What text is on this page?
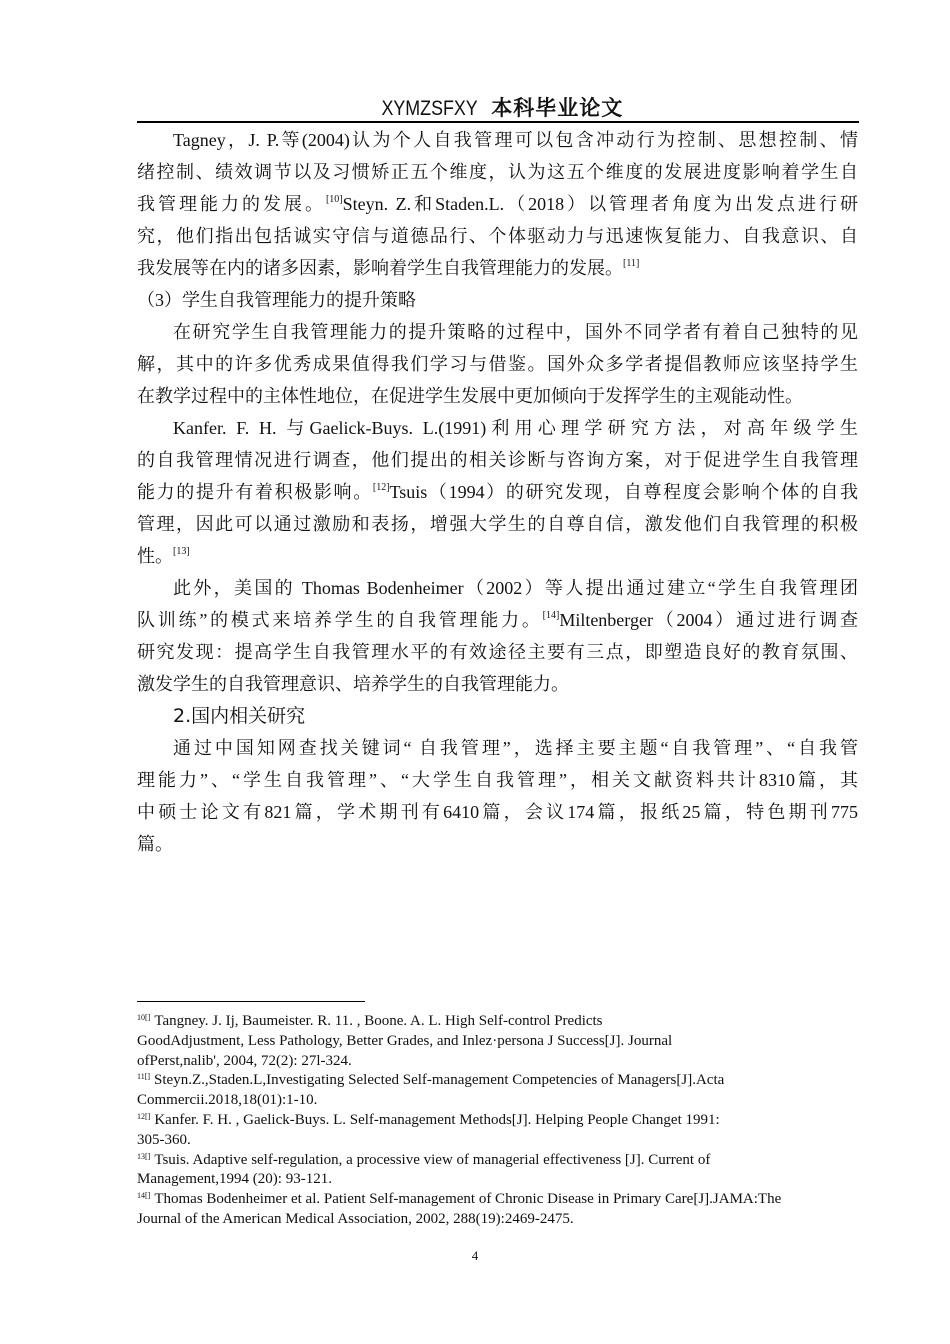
XYMZSFXY 本科毕业论文
Tagney，J. P.等(2004)认为个人自我管理可以包含冲动行为控制、思想控制、情
绪控制、绩效调节以及习惯矫正五个维度，认为这五个维度的发展进度影响着学生自
我管理能力的发展。[10]Steyn. Z.和Staden.L.（2018）以管理者角度为出发点进行研
究，他们指出包括诚实守信与道德品行、个体驱动力与迅速恢复能力、自我意识、自
我发展等在内的诸多因素，影响着学生自我管理能力的发展。[11]
（3）学生自我管理能力的提升策略
在研究学生自我管理能力的提升策略的过程中，国外不同学者有着自己独特的见
解，其中的许多优秀成果值得我们学习与借鉴。国外众多学者提倡教师应该坚持学生
在教学过程中的主体性地位，在促进学生发展中更加倾向于发挥学生的主观能动性。
Kanfer. F. H. 与Gaelick-Buys. L.(1991)利用心理学研究方法，对高年级学生
的自我管理情况进行调查，他们提出的相关诊断与咨询方案，对于促进学生自我管理
能力的提升有着积极影响。[12]Tsuis（1994）的研究发现，自尊程度会影响个体的自我
管理，因此可以通过激励和表扬，增强大学生的自尊自信，激发他们自我管理的积极
性。[13]
此外，美国的 Thomas Bodenheimer（2002）等人提出通过建立“学生自我管理团
队训练”的模式来培养学生的自我管理能力。[14]Miltenberger（2004）通过进行调查
研究发现：提高学生自我管理水平的有效途径主要有三点，即塑造良好的教育氛围、
激发学生的自我管理意识、培养学生的自我管理能力。
2.国内相关研究
通过中国知网查找关键词“ 自我管理”，选择主要主题“自我管理”、“自我管
理能力”、“学生自我管理”、“大学生自我管理”，相关文献资料共计8310篇，其
中硕士论文有821篇，学术期刊有6410篇，会议174篇，报纸25篇，特色期刊775
篇。
$^{10[]}$ Tangney. J. Ij, Baumeister. R. 11. , Boone. A. L. High Self-control Predicts
GoodAdjustment, Less Pathology, Better Grades, and Inlez·persona J Success[J]. Journal
ofPerst,nalib', 2004, 72(2): 27l-324.
$^{11[]}$ Steyn.Z.,Staden.L,Investigating Selected Self-management Competencies of Managers[J].Acta
Commercii.2018,18(01):1-10.
$^{12[]}$ Kanfer. F. H. , Gaelick-Buys. L. Self-management Methods[J]. Helping People Changet 1991:
305-360.
$^{13[]}$ Tsuis. Adaptive self-regulation, a processive view of managerial effectiveness [J]. Current of
Management,1994 (20): 93-121.
$^{14[]}$ Thomas Bodenheimer et al. Patient Self-management of Chronic Disease in Primary Care[J].JAMA:The
Journal of the American Medical Association, 2002, 288(19):2469-2475.
4
